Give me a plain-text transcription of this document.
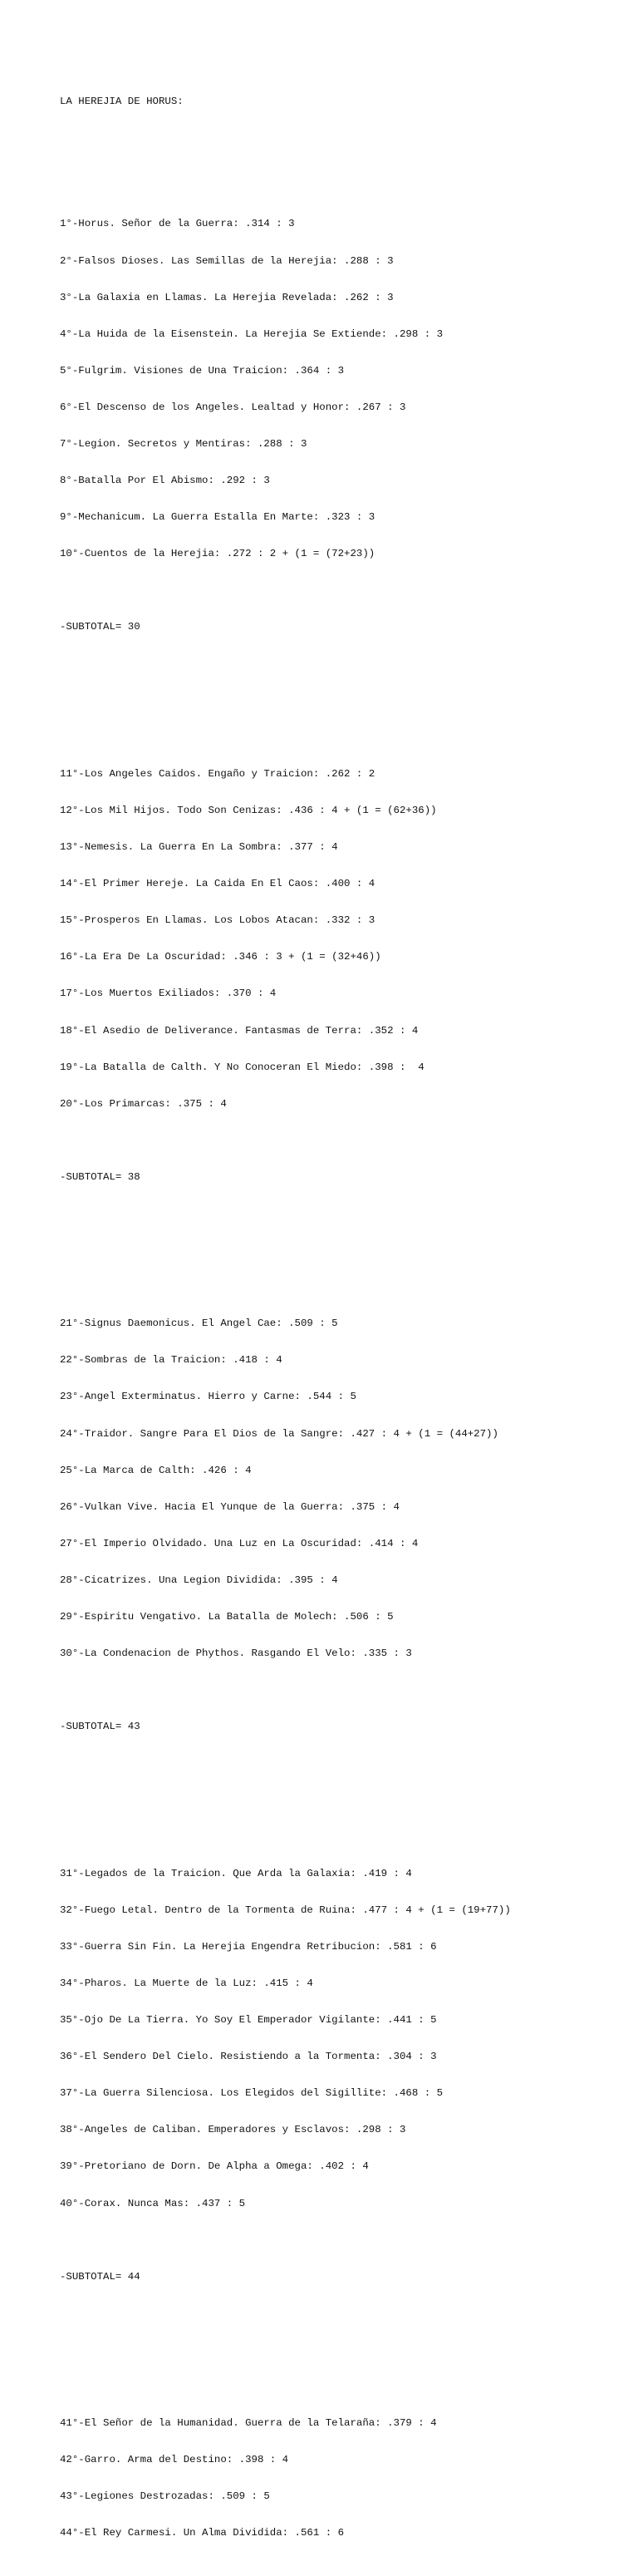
LA HEREJIA DE HORUS:

1°-Horus. Señor de la Guerra: .314 : 3

2°-Falsos Dioses. Las Semillas de la Herejia: .288 : 3

3°-La Galaxia en Llamas. La Herejia Revelada: .262 : 3

4°-La Huida de la Eisenstein. La Herejia Se Extiende: .298 : 3

5°-Fulgrim. Visiones de Una Traicion: .364 : 3

6°-El Descenso de los Angeles. Lealtad y Honor: .267 : 3

7°-Legion. Secretos y Mentiras: .288 : 3

8°-Batalla Por El Abismo: .292 : 3

9°-Mechanicum. La Guerra Estalla En Marte: .323 : 3

10°-Cuentos de la Herejia: .272 : 2 + (1 = (72+23))

-SUBTOTAL= 30

11°-Los Angeles Caidos. Engaño y Traicion: .262 : 2

12°-Los Mil Hijos. Todo Son Cenizas: .436 : 4 + (1 = (62+36))

13°-Nemesis. La Guerra En La Sombra: .377 : 4

14°-El Primer Hereje. La Caida En El Caos: .400 : 4

15°-Prosperos En Llamas. Los Lobos Atacan: .332 : 3

16°-La Era De La Oscuridad: .346 : 3 + (1 = (32+46))

17°-Los Muertos Exiliados: .370 : 4

18°-El Asedio de Deliverance. Fantasmas de Terra: .352 : 4

19°-La Batalla de Calth. Y No Conoceran El Miedo: .398 :  4

20°-Los Primarcas: .375 : 4

-SUBTOTAL= 38

21°-Signus Daemonicus. El Angel Cae: .509 : 5

22°-Sombras de la Traicion: .418 : 4

23°-Angel Exterminatus. Hierro y Carne: .544 : 5

24°-Traidor. Sangre Para El Dios de la Sangre: .427 : 4 + (1 = (44+27))

25°-La Marca de Calth: .426 : 4

26°-Vulkan Vive. Hacia El Yunque de la Guerra: .375 : 4

27°-El Imperio Olvidado. Una Luz en La Oscuridad: .414 : 4

28°-Cicatrizes. Una Legion Dividida: .395 : 4

29°-Espiritu Vengativo. La Batalla de Molech: .506 : 5

30°-La Condenacion de Phythos. Rasgando El Velo: .335 : 3

-SUBTOTAL= 43

31°-Legados de la Traicion. Que Arda la Galaxia: .419 : 4

32°-Fuego Letal. Dentro de la Tormenta de Ruina: .477 : 4 + (1 = (19+77))

33°-Guerra Sin Fin. La Herejia Engendra Retribucion: .581 : 6

34°-Pharos. La Muerte de la Luz: .415 : 4

35°-Ojo De La Tierra. Yo Soy El Emperador Vigilante: .441 : 5

36°-El Sendero Del Cielo. Resistiendo a la Tormenta: .304 : 3

37°-La Guerra Silenciosa. Los Elegidos del Sigillite: .468 : 5

38°-Angeles de Caliban. Emperadores y Esclavos: .298 : 3

39°-Pretoriano de Dorn. De Alpha a Omega: .402 : 4

40°-Corax. Nunca Mas: .437 : 5

-SUBTOTAL= 44

41°-El Señor de la Humanidad. Guerra de la Telaraña: .379 : 4

42°-Garro. Arma del Destino: .398 : 4

43°-Legiones Destrozadas: .509 : 5

44°-El Rey Carmesi. Un Alma Dividida: .561 : 6
